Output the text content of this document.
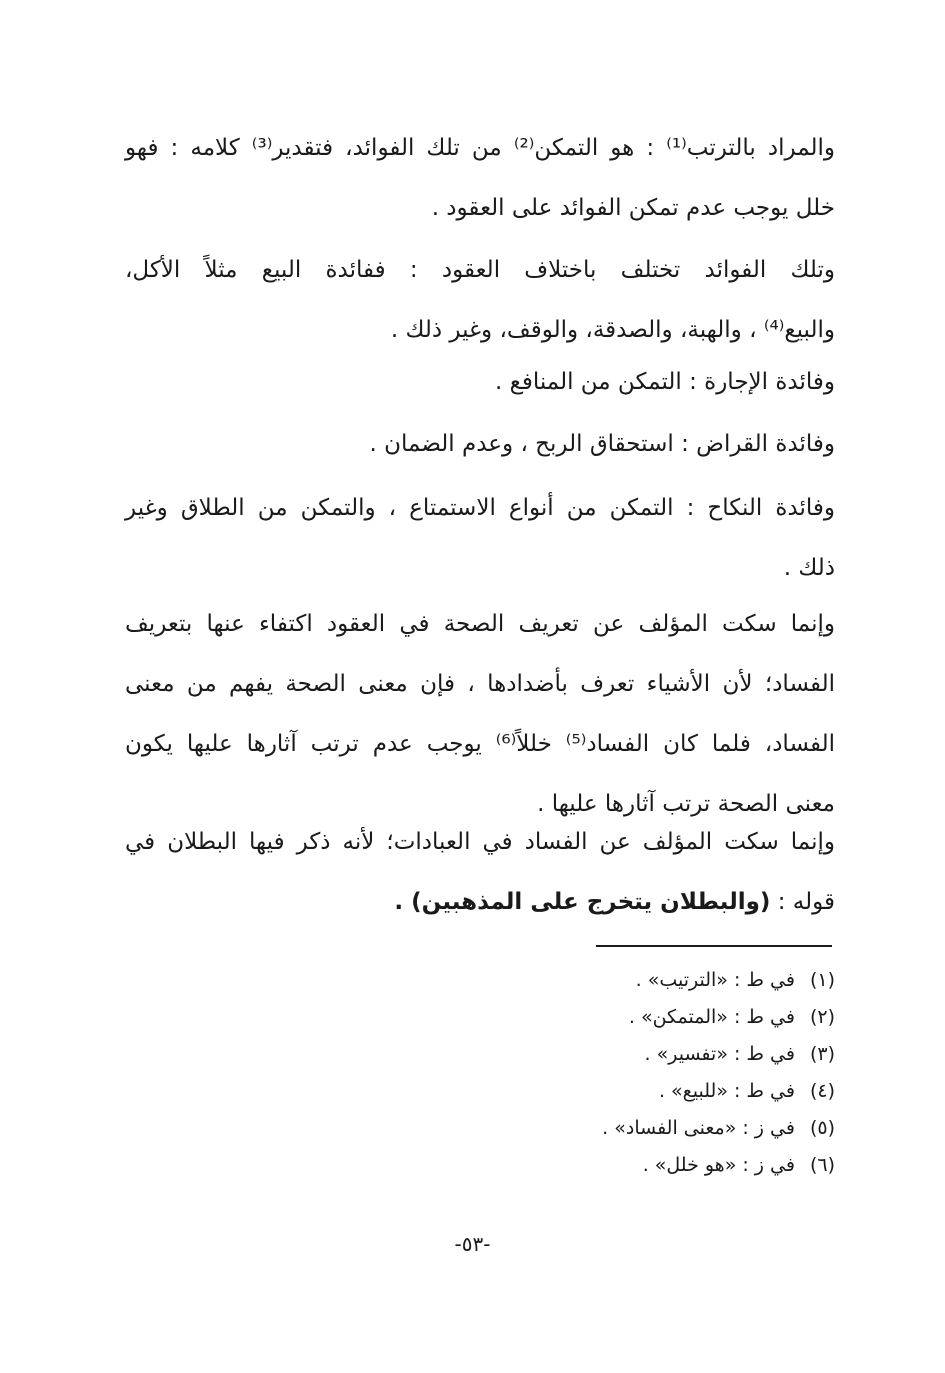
والمراد بالترتب⁽¹⁾ : هو التمكن⁽²⁾ من تلك الفوائد، فتقدير⁽³⁾ كلامه : فهو
خلل يوجب عدم تمكن الفوائد على العقود .
وتلك الفوائد تختلف باختلاف العقود : ففائدة البيع مثلاً الأكل،
والبيع⁽⁴⁾ ، والهبة، والصدقة، والوقف، وغير ذلك .
وفائدة الإجارة : التمكن من المنافع .
وفائدة القراض : استحقاق الربح ، وعدم الضمان .
وفائدة النكاح : التمكن من أنواع الاستمتاع ، والتمكن من الطلاق وغير
ذلك .
وإنما سكت المؤلف عن تعريف الصحة في العقود اكتفاء عنها بتعريف
الفساد؛ لأن الأشياء تعرف بأضدادها ، فإن معنى الصحة يفهم من معنى
الفساد، فلما كان الفساد⁽⁵⁾ خللاً⁽⁶⁾ يوجب عدم ترتب آثارها عليها يكون
معنى الصحة ترتب آثارها عليها .
وإنما سكت المؤلف عن الفساد في العبادات؛ لأنه ذكر فيها البطلان في
قوله : (والبطلان يتخرج على المذهبين) .
(١) في ط : «الترتيب» .
(٢) في ط : «المتمكن» .
(٣) في ط : «تفسير» .
(٤) في ط : «للبيع» .
(٥) في ز : «معنى الفساد» .
(٦) في ز : «هو خلل» .
-٥٣-
